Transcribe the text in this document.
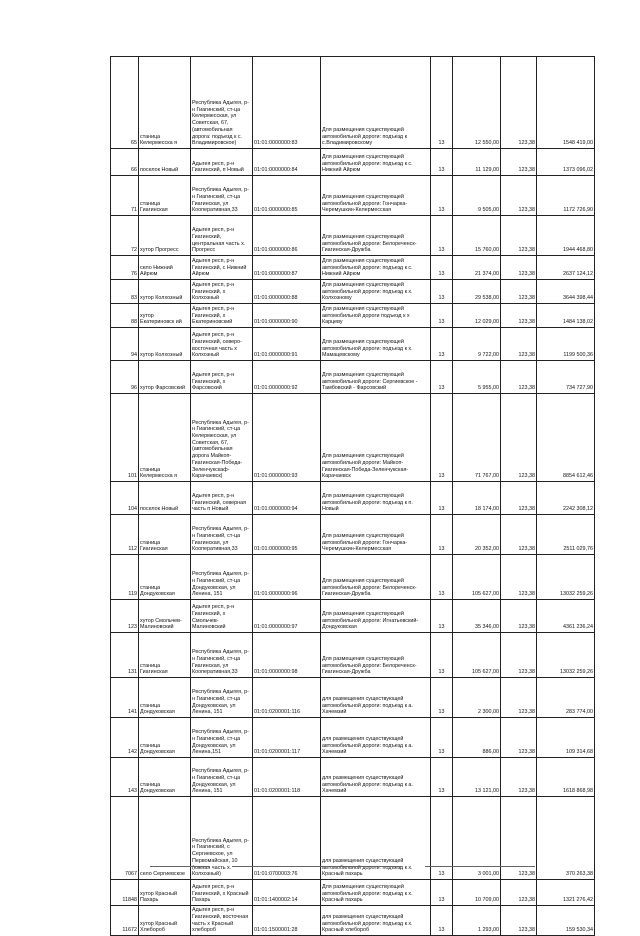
65	станица Келермесска я	Республика Адыгея, р-н Гиагинский, ст-ца Келермесская, ул Советская, 67, (автомобильная дорога: подъезд к с. Владимировское)	01:01:0000000:83	Для размещения существующей автомобильной дороги: подъезд к с.Владимировскому	13	12 550,00	123,38	1548 419,00
66	поселок Новый	Адыгея респ, р-н Гиагинский, п Новый	01:01:0000000:84	Для размещения существующей автомобильной дороги: подъезд к с. Нижний Айрюм	13	11 129,00	123,38	1373 096,02
71	станица Гиагинская	Республика Адыгея, р-н Гиагинский, ст-ца Гиагинская, ул Кооперативная,33	01:01:0000000:85	Для размещения существующей автомобильной дороги: Гончарка-Черемушкин-Келермесская	13	9 505,00	123,38	1172 726,90
72	хутор Прогресс	Адыгея респ, р-н Гиагинский, центральная часть х. Прогресс	01:01:0000000:86	Для размещения существующей автомобильной дороги: Белореченск-Гиагинская-Дружба	13	15 760,00	123,38	1944 468,80
76	село Нижний Айрюм	Адыгея респ, р-н Гиагинский, с Нижний Айрюм	01:01:0000000:87	Для размещения существующей автомобильной дороги: подъезд к с. Нижний Айрюм	13	21 374,00	123,38	2637 124,12
83	хутор Колхозный	Адыгея респ, р-н Гиагинский, х Колхозный	01:01:0000000:88	Для размещения существующей автомобильной дороги: подъезд к х. Колхозному	13	29 538,00	123,38	3644 398,44
88	хутор Екатериновск ий	Адыгея респ, р-н Гиагинский, х Екатериновский	01:01:0000000:90	Для размещения существующей автомобильной дороги подъезд к х Карцеву	13	12 029,00	123,38	1484 138,02
94	хутор Колхозный	Адыгея респ, р-н Гиагинский, северо-восточная часть х Колхозный	01:01:0000000:91	Для размещения существующей автомобильной дороги: подъезд к х. Мамацевскому	13	9 722,00	123,38	1199 500,36
96	хутор Фарсовский	Адыгея респ, р-н Гиагинский, х Фарсовский	01:01:0000000:92	Для размещения существующей автомобильной дороги: Сергиевское - Тамбовский - Фарсовский	13	5 955,00	123,38	734 727,90
101	станица Келермесска я	Республика Адыгея, р-н Гиагинский, ст-ца Келермесская, ул Советская, 67, (автомобильная дорога Майкоп-Гиагинская-Победа-Зеленчукскаф-Карачаевск)	01:01:0000000:93	Для размещения существующей автомобильной дороги: Майкоп-Гиагинская-Победа-Зеленчукская-Карачаевск	13	71 767,00	123,38	8854 612,46
104	поселок Новый	Адыгея респ, р-н Гиагинский, северная часть п Новый	01:01:0000000:94	Для размещения существующей автомобильной дороги: подъезд к п. Новый	13	18 174,00	123,38	2242 308,12
112	станица Гиагинская	Республика Адыгея, р-н Гиагинский, ст-ца Гиагинская, ул Кооперативная,33	01:01:0000000:95	Для размещения существующей автомобильной дороги: Гончарка-Черемушкин-Келермесская	13	20 352,00	123,38	2511 029,76
119	станица Дондуковская	Республика Адыгея, р-н Гиагинский, ст-ца Дондуковская, ул Ленина, 151	01:01:0000000:96	Для размещения существующей автомобильной дороги: Белореченск-Гиагинская-Дружба	13	105 627,00	123,38	13032 259,26
123	хутор Смольчев-Малиновский	Адыгея респ, р-н Гиагинский, х Смольчев-Малиновский	01:01:0000000:97	Для размещения существующей автомобильной дороги: Игнатьевский-Дондуковская	13	35 346,00	123,38	4361 236,24
131	станица Гиагинская	Республика Адыгея, р-н Гиагинский, ст-ца Гиагинская, ул Кооперативная,33	01:01:0000000:98	Для размещения существующей автомобильной дороги: Белореченск-Гиагинская-Дружба	13	105 627,00	123,38	13032 259,26
141	станица Дондуковская	Республика Адыгея, р-н Гиагинский, ст-ца Дондуковская, ул Ленина, 151	01:01:0200001:116	для размещения существующей автомобильной дороги: подъезд к а. Хачемзий	13	2 300,00	123,38	283 774,00
142	станица Дондуковская	Республика Адыгея, р-н Гиагинский, ст-ца Дондуковская, ул Ленина,151	01:01:0200001:117	для размещения существующей автомобильной дороги: подъезд к а. Хачемзий	13	886,00	123,38	109 314,68
143	станица Дондуковская	Республика Адыгея, р-н Гиагинский, ст-ца Дондуковская, ул Ленина, 151	01:01:0200001:118	для размещения существующей автомобильной дороги: подъезд к а. Хачемзий	13	13 121,00	123,38	1618 868,98
7067	село Сергиевское	Республика Адыгея, р-н Гиагинский, с Сергиевское, ул Первомайская, 10 (южная часть х. Колхозный)	01:01:0700003:76	для размещения существующей автомобильной дороги: подъезд к х. Красный пахарь	13	3 001,00	123,38	370 263,38
11848	хутор Красный Пахарь	Адыгея респ, р-н Гиагинский, х Красный Пахарь	01:01:1400002:14	Для размещения существующей автомобильной дороги: подъезд к х. Красный пахарь	13	10 709,00	123,38	1321 276,42
11672	хутор Красный Хлебороб	Адыгея респ, р-н Гиагинский, восточная часть х Красный хлебороб	01:01:1500001:28	для размещения существующей автомобильной дороги: подъезд к х. Красный хлебороб	13	1 293,00	123,38	159 530,34
